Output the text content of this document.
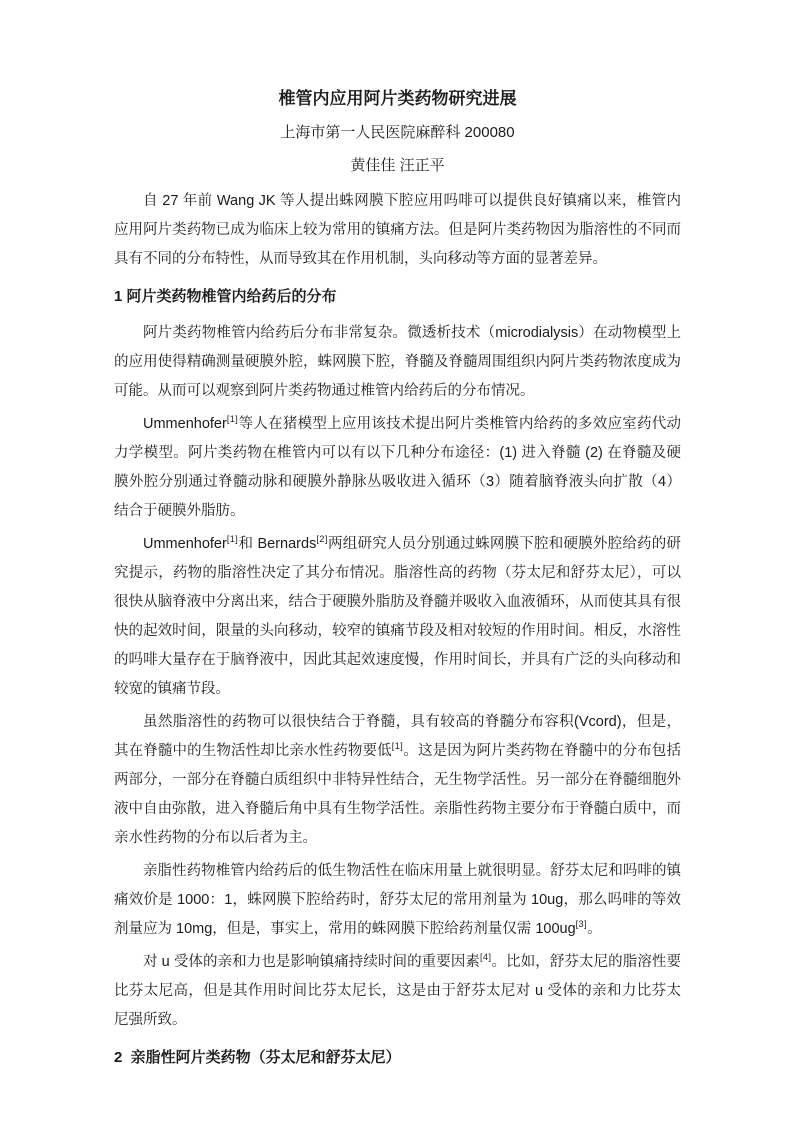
椎管内应用阿片类药物研究进展
上海市第一人民医院麻醉科 200080
黄佳佳 汪正平

自 27 年前 Wang JK 等人提出蛛网膜下腔应用吗啡可以提供良好镇痛以来，椎管内应用阿片类药物已成为临床上较为常用的镇痛方法。但是阿片类药物因为脂溶性的不同而具有不同的分布特性，从而导致其在作用机制，头向移动等方面的显著差异。

1 阿片类药物椎管内给药后的分布

阿片类药物椎管内给药后分布非常复杂。微透析技术（microdialysis）在动物模型上的应用使得精确测量硬膜外腔，蛛网膜下腔，脊髓及脊髓周围组织内阿片类药物浓度成为可能。从而可以观察到阿片类药物通过椎管内给药后的分布情况。

Ummenhofer[1]等人在猪模型上应用该技术提出阿片类椎管内给药的多效应室药代动力学模型。阿片类药物在椎管内可以有以下几种分布途径：(1) 进入脊髓 (2) 在脊髓及硬膜外腔分别通过脊髓动脉和硬膜外静脉丛吸收进入循环（3）随着脑脊液头向扩散（4）结合于硬膜外脂肪。

Ummenhofer[1]和 Bernards[2]两组研究人员分别通过蛛网膜下腔和硬膜外腔给药的研究提示，药物的脂溶性决定了其分布情况。脂溶性高的药物（芬太尼和舒芬太尼），可以很快从脑脊液中分离出来，结合于硬膜外脂肪及脊髓并吸收入血液循环，从而使其具有很快的起效时间，限量的头向移动，较窄的镇痛节段及相对较短的作用时间。相反，水溶性的吗啡大量存在于脑脊液中，因此其起效速度慢，作用时间长，并具有广泛的头向移动和较宽的镇痛节段。

虽然脂溶性的药物可以很快结合于脊髓，具有较高的脊髓分布容积(Vcord)，但是，其在脊髓中的生物活性却比亲水性药物要低[1]。这是因为阿片类药物在脊髓中的分布包括两部分，一部分在脊髓白质组织中非特异性结合，无生物学活性。另一部分在脊髓细胞外液中自由弥散，进入脊髓后角中具有生物学活性。亲脂性药物主要分布于脊髓白质中，而亲水性药物的分布以后者为主。

亲脂性药物椎管内给药后的低生物活性在临床用量上就很明显。舒芬太尼和吗啡的镇痛效价是 1000：1，蛛网膜下腔给药时，舒芬太尼的常用剂量为 10ug，那么吗啡的等效剂量应为 10mg，但是，事实上，常用的蛛网膜下腔给药剂量仅需 100ug[3]。

对 u 受体的亲和力也是影响镇痛持续时间的重要因素[4]。比如，舒芬太尼的脂溶性要比芬太尼高，但是其作用时间比芬太尼长，这是由于舒芬太尼对 u 受体的亲和力比芬太尼强所致。

2  亲脂性阿片类药物（芬太尼和舒芬太尼）
